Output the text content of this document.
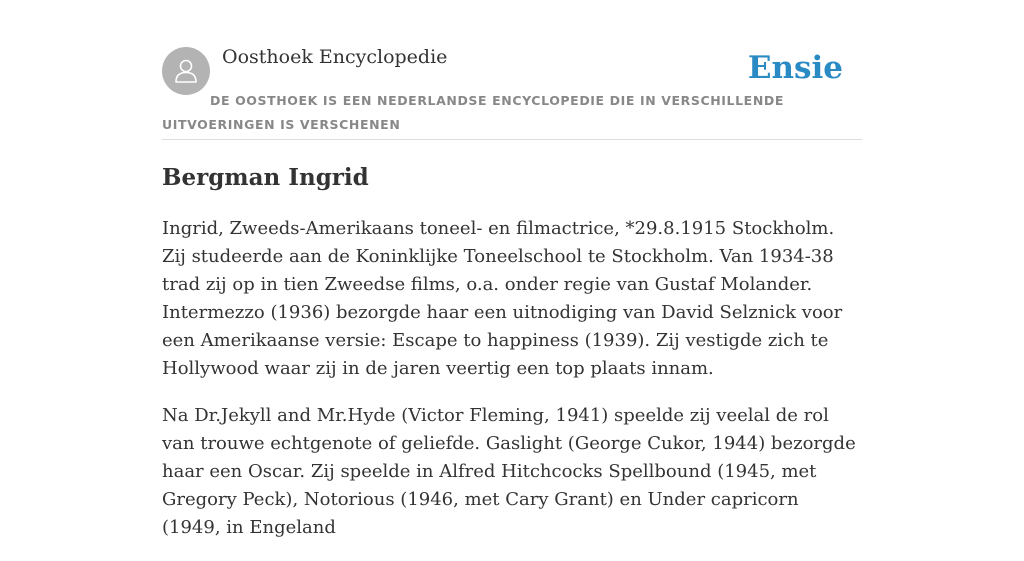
Oosthoek Encyclopedie	Ensie
DE OOSTHOEK IS EEN NEDERLANDSE ENCYCLOPEDIE DIE IN VERSCHILLENDE UITVOERINGEN IS VERSCHENEN
Bergman Ingrid

Ingrid, Zweeds-Amerikaans toneel- en filmactrice, *29.8.1915 Stockholm. Zij studeerde aan de Koninklijke Toneelschool te Stockholm. Van 1934-38 trad zij op in tien Zweedse films, o.a. onder regie van Gustaf Molander. Intermezzo (1936) bezorgde haar een uitnodiging van David Selznick voor een Amerikaanse versie: Escape to happiness (1939). Zij vestigde zich te Hollywood waar zij in de jaren veertig een top plaats innam.

Na Dr.Jekyll and Mr.Hyde (Victor Fleming, 1941) speelde zij veelal de rol van trouwe echtgenote of geliefde. Gaslight (George Cukor, 1944) bezorgde haar een Oscar. Zij speelde in Alfred Hitchcocks Spellbound (1945, met Gregory Peck), Notorious (1946, met Cary Grant) en Under capricorn (1949, in Engeland
